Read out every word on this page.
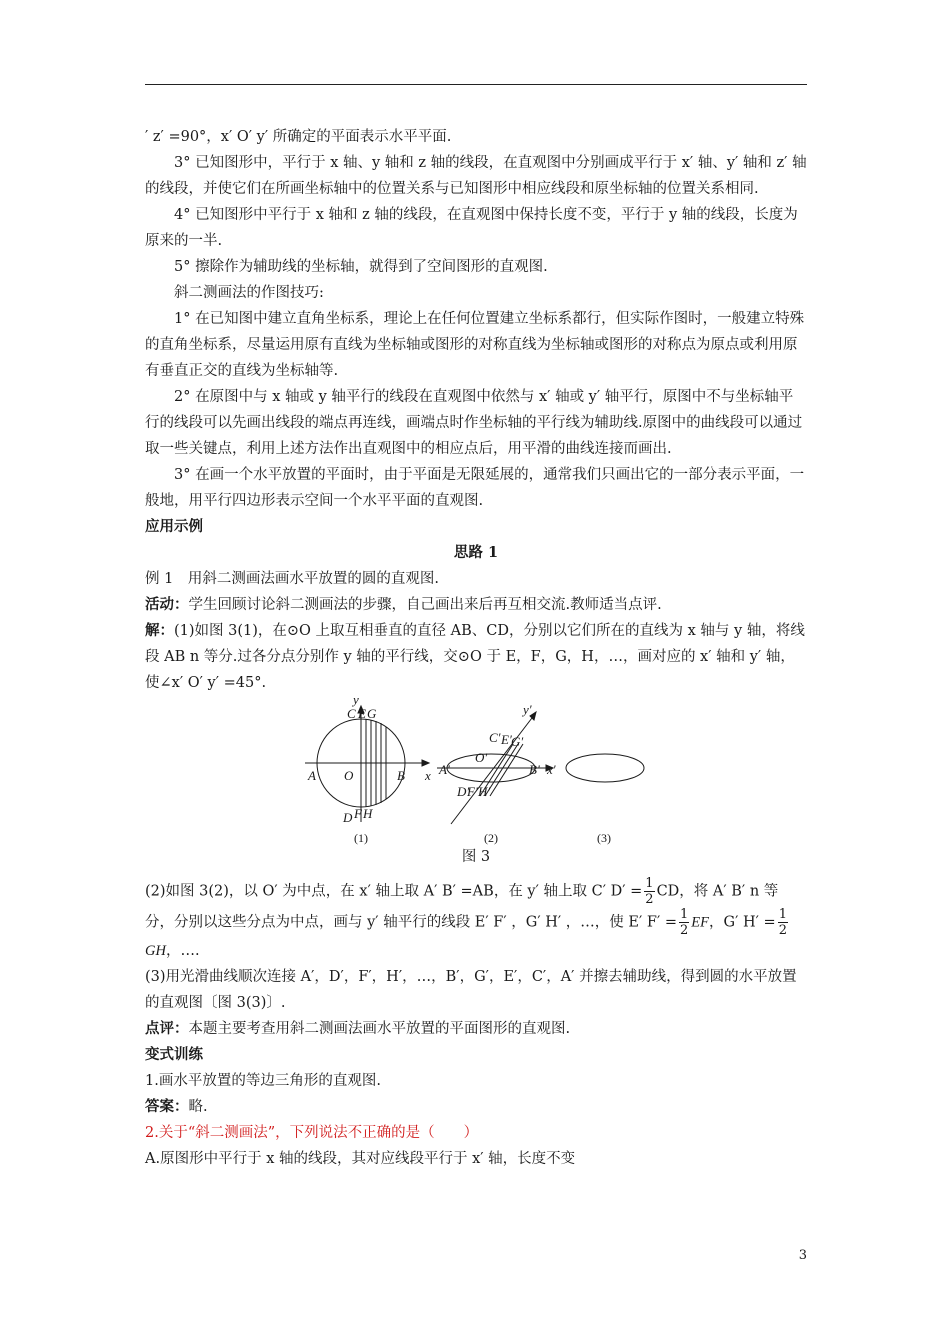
′ z′ =90°，x′ O′ y′ 所确定的平面表示水平平面.

3° 已知图形中，平行于 x 轴、y 轴和 z 轴的线段，在直观图中分别画成平行于 x′ 轴、y′ 轴和 z′ 轴的线段，并使它们在所画坐标轴中的位置关系与已知图形中相应线段和原坐标轴的位置关系相同.

4° 已知图形中平行于 x 轴和 z 轴的线段，在直观图中保持长度不变，平行于 y 轴的线段，长度为原来的一半.

5° 擦除作为辅助线的坐标轴，就得到了空间图形的直观图.

斜二测画法的作图技巧:

1° 在已知图中建立直角坐标系，理论上在任何位置建立坐标系都行，但实际作图时，一般建立特殊的直角坐标系，尽量运用原有直线为坐标轴或图形的对称直线为坐标轴或图形的对称点为原点或利用原有垂直正交的直线为坐标轴等.

2° 在原图中与 x 轴或 y 轴平行的线段在直观图中依然与 x′ 轴或 y′ 轴平行，原图中不与坐标轴平行的线段可以先画出线段的端点再连线，画端点时作坐标轴的平行线为辅助线.原图中的曲线段可以通过取一些关键点，利用上述方法作出直观图中的相应点后，用平滑的曲线连接而画出.

3° 在画一个水平放置的平面时，由于平面是无限延展的，通常我们只画出它的一部分表示平面，一般地，用平行四边形表示空间一个水平平面的直观图.

应用示例

思路 1

例 1　用斜二测画法画水平放置的圆的直观图.

活动：学生回顾讨论斜二测画法的步骤，自己画出来后再互相交流.教师适当点评.

解：(1)如图 3(1)，在⊙O 上取互相垂直的直径 AB、CD，分别以它们所在的直线为 x 轴与 y 轴，将线段 AB n 等分.过各分点分别作 y 轴的平行线，交⊙O 于 E，F，G，H，…，画对应的 x′ 轴和 y′ 轴，使∠x′ O′ y′ =45°.

y
C E G
A O	B x
D F H
(1)
y′
C′ E′ G′
O′
A′	B′ x′
D′
F′ H′
(2)	(3)

图 3

(2)如图 3(2)，以 O′ 为中点，在 x′ 轴上取 A′ B′ =AB，在 y′ 轴上取 C′ $D' = \frac{1}{2}$ CD，将 A′ B′ n 等分，分别以这些分点为中点，画与 y′ 轴平行的线段 E′ F′ ，G′ H′ ，…，使 E′ $F' = \frac{1}{2}$ EF，G′ $H' = \frac{1}{2}$
GH，….

(3)用光滑曲线顺次连接 A′，D′，F′，H′，…，B′，G′，E′，C′，A′ 并擦去辅助线，得到圆的水平放置的直观图〔图 3(3)〕.

点评：本题主要考查用斜二测画法画水平放置的平面图形的直观图.

变式训练

1.画水平放置的等边三角形的直观图.

答案：略.

2.关于“斜二测画法”，下列说法不正确的是（　　）

A.原图形中平行于 x 轴的线段，其对应线段平行于 x′ 轴，长度不变

3
